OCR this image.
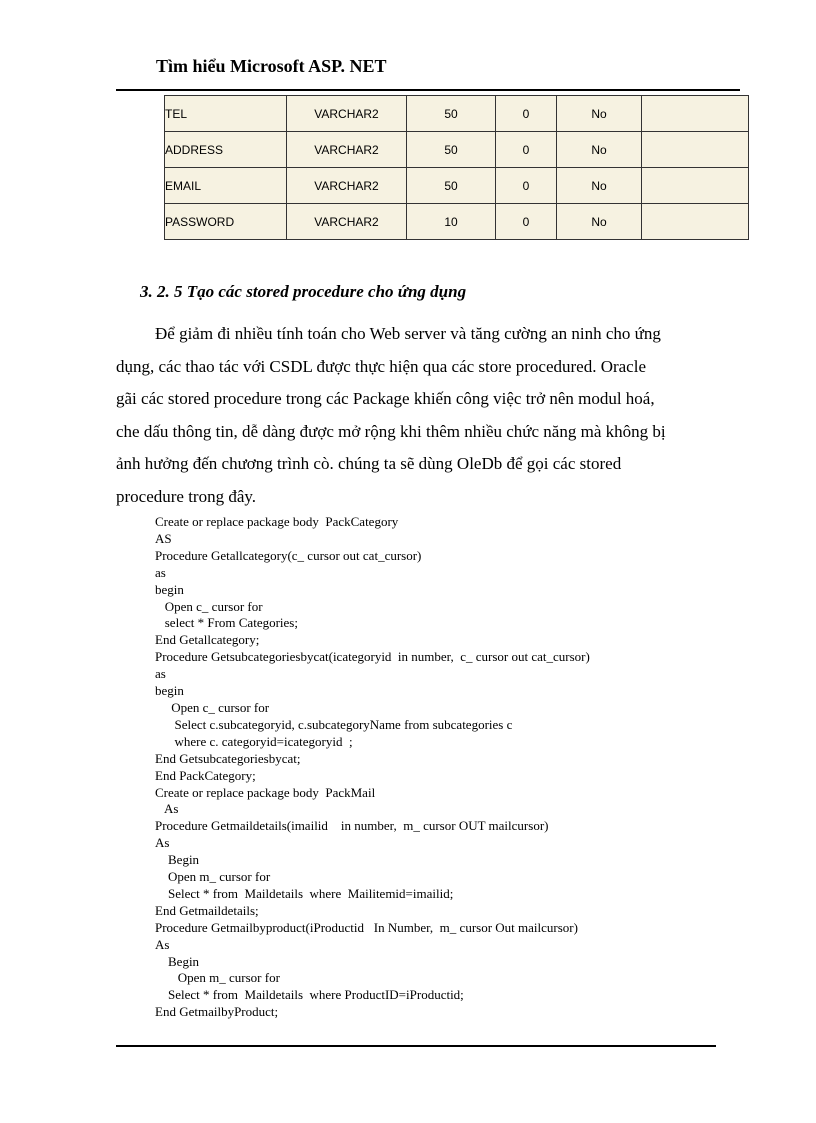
Tìm hiểu Microsoft ASP. NET
TEL	VARCHAR2	50	0	No	
ADDRESS	VARCHAR2	50	0	No	
EMAIL	VARCHAR2	50	0	No	
PASSWORD	VARCHAR2	10	0	No	
3. 2. 5 Tạo các stored procedure cho ứng dụng

Để giảm đi nhiều tính toán cho Web server và tăng cường an ninh cho ứng
dụng, các thao tác với CSDL được thực hiện qua các store procedured. Oracle
gãi các stored procedure trong các Package khiến công việc trở nên modul hoá,
che dấu thông tin, dễ dàng được mở rộng khi thêm nhiều chức năng mà không bị
ảnh hưởng đến chương trình cò. chúng ta sẽ dùng OleDb để gọi các stored
procedure trong đây.

Create or replace package body  PackCategory
AS
Procedure Getallcategory(c_ cursor out cat_cursor)
as
begin
Open c_ cursor for
select * From Categories;
End Getallcategory;
Procedure Getsubcategoriesbycat(icategoryid  in number,  c_ cursor out cat_cursor)
as
begin
Open c_ cursor for
Select c.subcategoryid, c.subcategoryName from subcategories c
where c. categoryid=icategoryid  ;
End Getsubcategoriesbycat;
End PackCategory;
Create or replace package body  PackMail
As
Procedure Getmaildetails(imailid    in number,  m_ cursor OUT mailcursor)
As
Begin
Open m_ cursor for
Select * from  Maildetails  where  Mailitemid=imailid;
End Getmaildetails;
Procedure Getmailbyproduct(iProductid   In Number,  m_ cursor Out mailcursor)
As
Begin
Open m_ cursor for
Select * from  Maildetails  where ProductID=iProductid;
End GetmailbyProduct;
